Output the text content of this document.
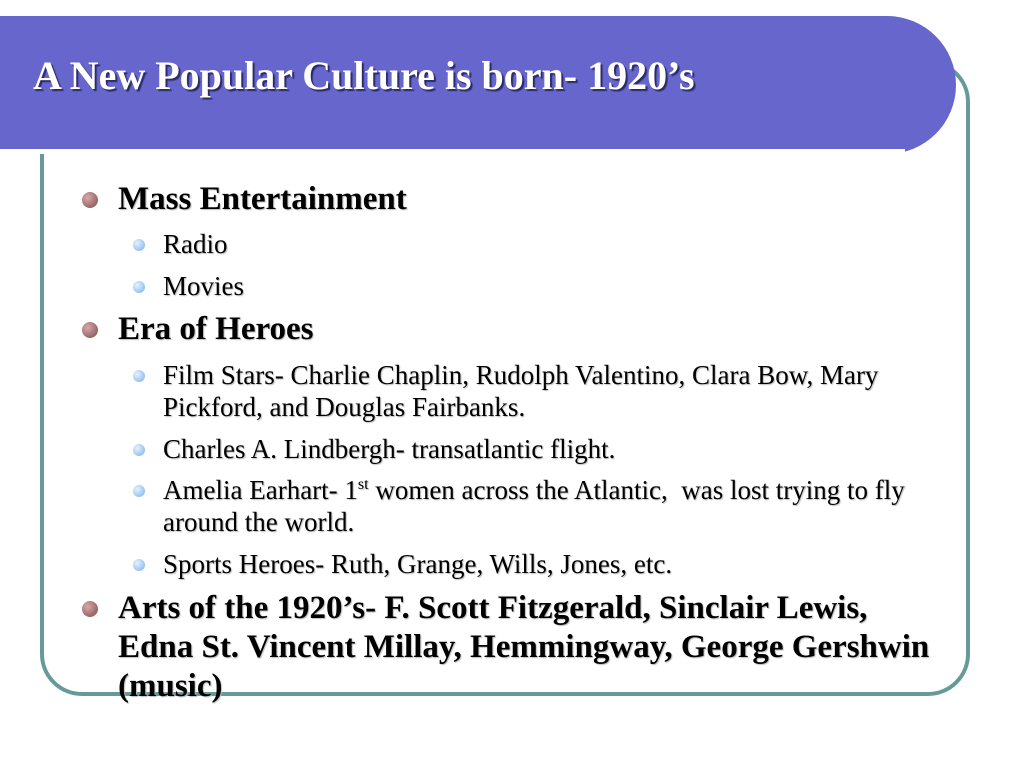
A New Popular Culture is born- 1920’s
Mass Entertainment
Radio
Movies
Era of Heroes
Film Stars- Charlie Chaplin, Rudolph Valentino, Clara Bow, Mary Pickford, and Douglas Fairbanks.
Charles A. Lindbergh- transatlantic flight.
Amelia Earhart- 1st women across the Atlantic,  was lost trying to fly around the world.
Sports Heroes- Ruth, Grange, Wills, Jones, etc.
Arts of the 1920’s- F. Scott Fitzgerald, Sinclair Lewis, Edna St. Vincent Millay, Hemmingway, George Gershwin (music)
